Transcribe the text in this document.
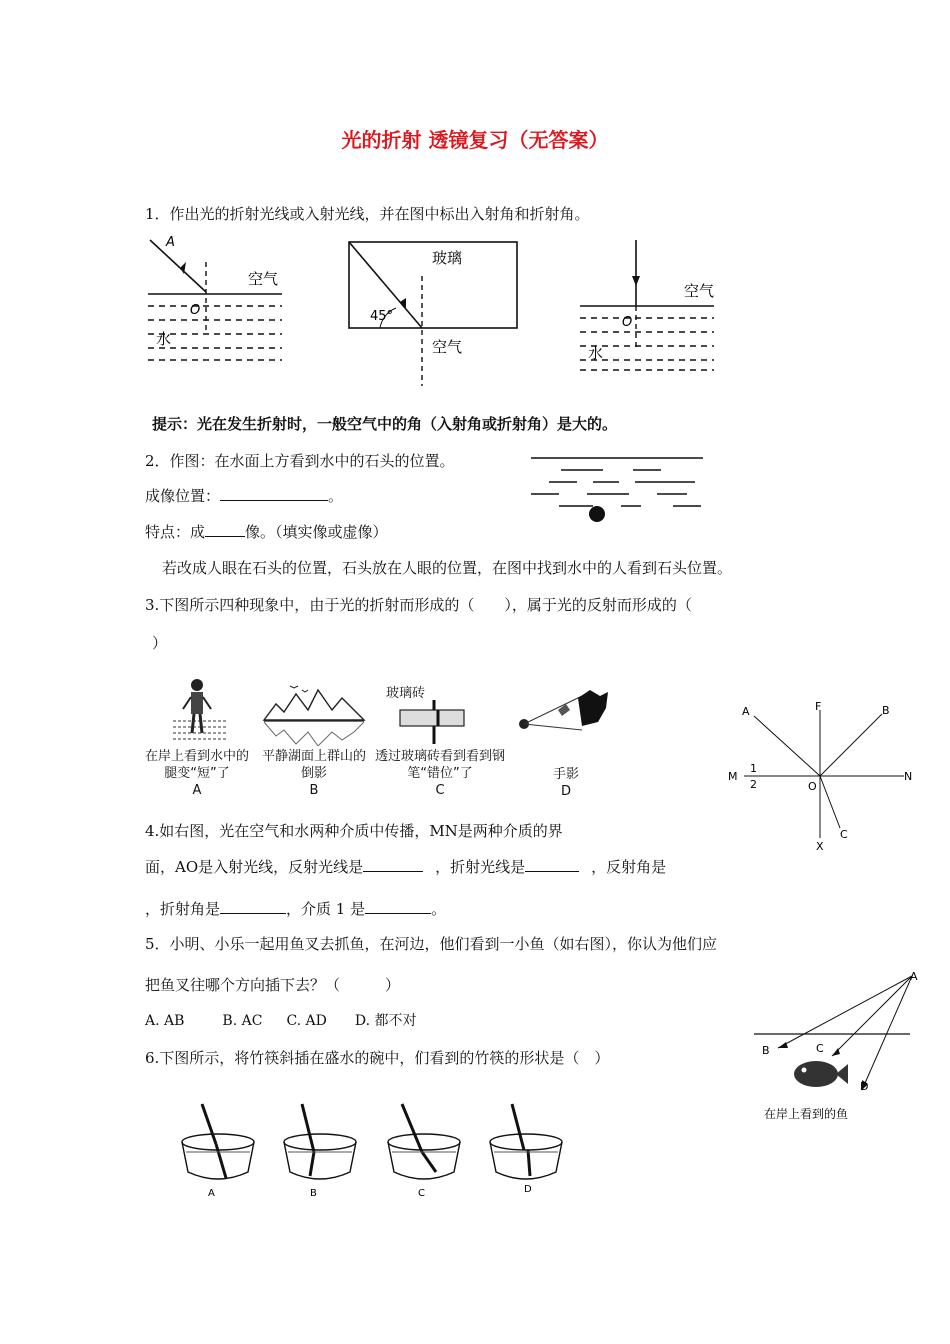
光的折射 透镜复习（无答案）
1．作出光的折射光线或入射光线，并在图中标出入射角和折射角。
A
空气
O
水
玻璃
45°
空气
空气
O
水
提示：光在发生折射时，一般空气中的角（入射角或折射角）是大的。
2．作图：在水面上方看到水中的石头的位置。
成像位置：	。
特点：成	像。（填实像或虚像）
若改成人眼在石头的位置，石头放在人眼的位置，在图中找到水中的人看到石头位置。
3.下图所示四种现象中，由于光的折射而形成的（　　），属于光的反射而形成的（
）
玻璃砖
在岸上看到水中的腿变“短”了
A
平静湖面上群山的倒影
B
透过玻璃砖看到看到钢笔“错位”了
C
手影
D
A	F	B
M	N
1
2	O
X
C
4.如右图，光在空气和水两种介质中传播，MN是两种介质的界
面，AO是入射光线，反射光线是	，折射光线是	，反射角是
，折射角是	，介质 1 是	。
5．小明、小乐一起用鱼叉去抓鱼，在河边，他们看到一小鱼（如右图），你认为他们应
把鱼叉往哪个方向插下去？（　　　）
A. AB	B. AC C. AD D. 都不对
A
B	C
D
在岸上看到的鱼
6.下图所示，将竹筷斜插在盛水的碗中，们看到的竹筷的形状是（　）
A	B	C	D
